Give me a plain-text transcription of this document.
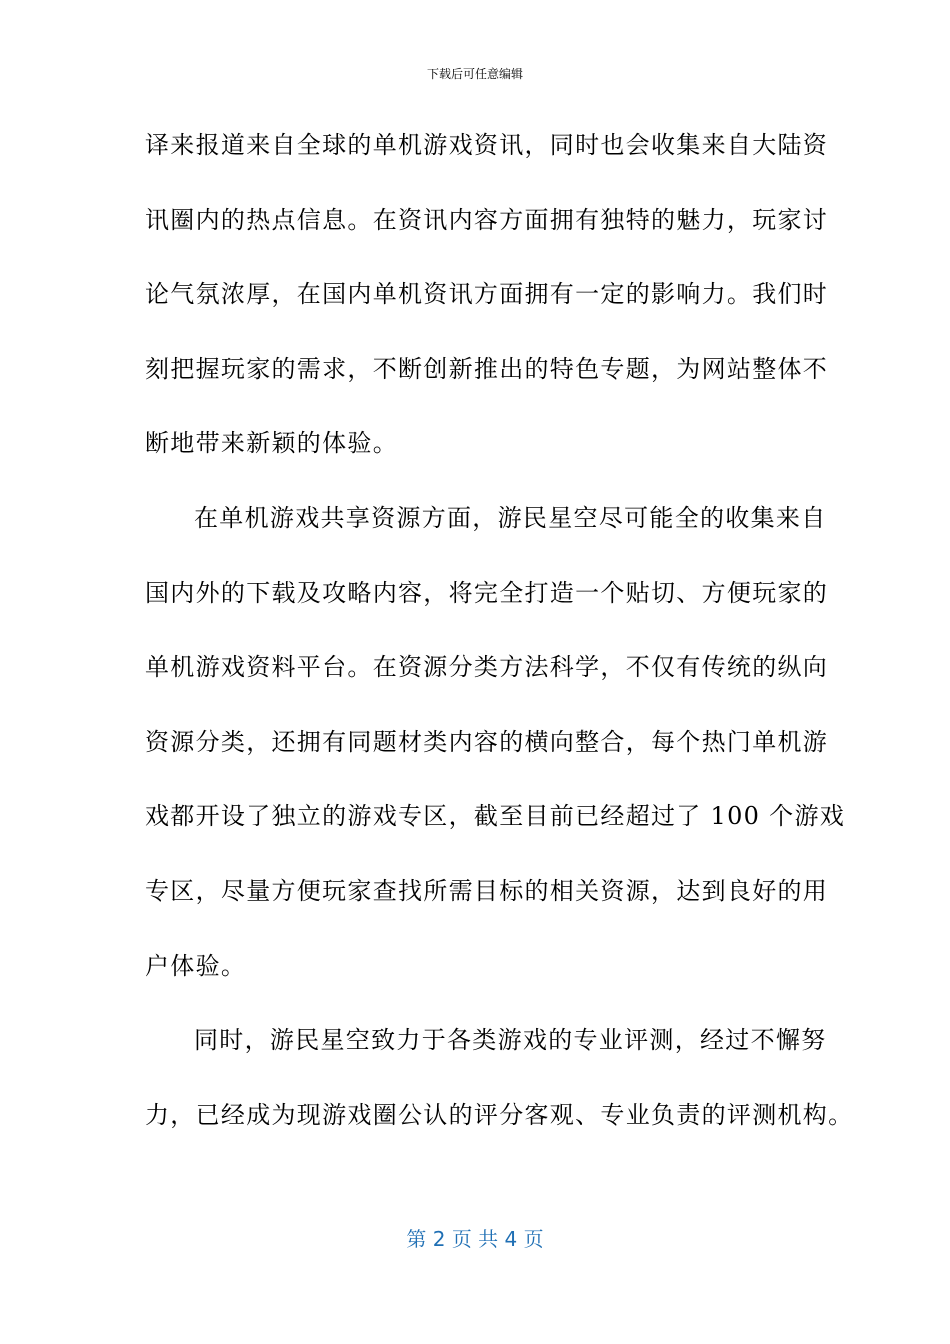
下载后可任意编辑
译来报道来自全球的单机游戏资讯，同时也会收集来自大陆资
讯圈内的热点信息。在资讯内容方面拥有独特的魅力，玩家讨
论气氛浓厚，在国内单机资讯方面拥有一定的影响力。我们时
刻把握玩家的需求，不断创新推出的特色专题，为网站整体不
断地带来新颖的体验。
在单机游戏共享资源方面，游民星空尽可能全的收集来自
国内外的下载及攻略内容，将完全打造一个贴切、方便玩家的
单机游戏资料平台。在资源分类方法科学，不仅有传统的纵向
资源分类，还拥有同题材类内容的横向整合，每个热门单机游
戏都开设了独立的游戏专区，截至目前已经超过了 100 个游戏
专区，尽量方便玩家查找所需目标的相关资源，达到良好的用
户体验。
同时，游民星空致力于各类游戏的专业评测，经过不懈努
力，已经成为现游戏圈公认的评分客观、专业负责的评测机构。
第 2 页 共 4 页
